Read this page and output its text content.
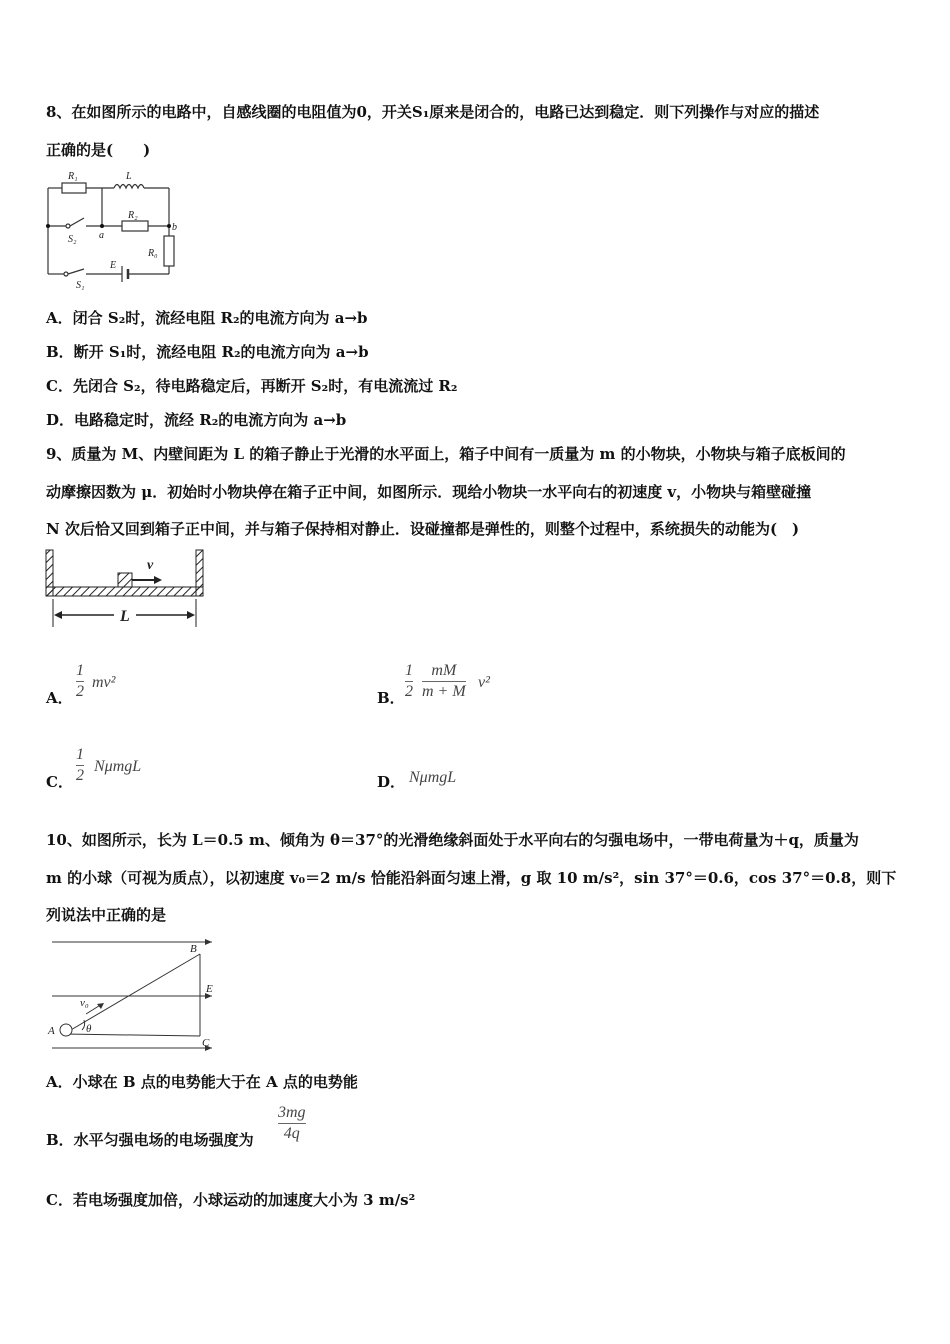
8、在如图所示的电路中，自感线圈的电阻值为0，开关S₁原来是闭合的，电路已达到稳定．则下列操作与对应的描述
正确的是(　　)
R₁	L
R₂
S₂ a
b
R₀
E
S₁
A．闭合 S₂时，流经电阻 R₂的电流方向为 a→b
B．断开 S₁时，流经电阻 R₂的电流方向为 a→b
C．先闭合 S₂，待电路稳定后，再断开 S₂时，有电流流过 R₂
D．电路稳定时，流经 R₂的电流方向为 a→b
9、质量为 M、内壁间距为 L 的箱子静止于光滑的水平面上，箱子中间有一质量为 m 的小物块，小物块与箱子底板间的
动摩擦因数为 μ．初始时小物块停在箱子正中间，如图所示．现给小物块一水平向右的初速度 v，小物块与箱壁碰撞
N 次后恰又回到箱子正中间，并与箱子保持相对静止．设碰撞都是弹性的，则整个过程中，系统损失的动能为(　)
v
L
A．
1
2
mv²
B．
1
2
mM
m + M
v²
C．
1
2
NμmgL
D． NμmgL
10、如图所示，长为 L＝0.5 m、倾角为 θ＝37°的光滑绝缘斜面处于水平向右的匀强电场中，一带电荷量为＋q，质量为
m 的小球（可视为质点），以初速度 v₀＝2 m/s 恰能沿斜面匀速上滑，g 取 10 m/s²，sin 37°＝0.6，cos 37°＝0.8，则下
列说法中正确的是
A
B
C
E
v₀
θ
A．小球在 B 点的电势能大于在 A 点的电势能
B．水平匀强电场的电场强度为
3mg
4q
C．若电场强度加倍，小球运动的加速度大小为 3 m/s²
